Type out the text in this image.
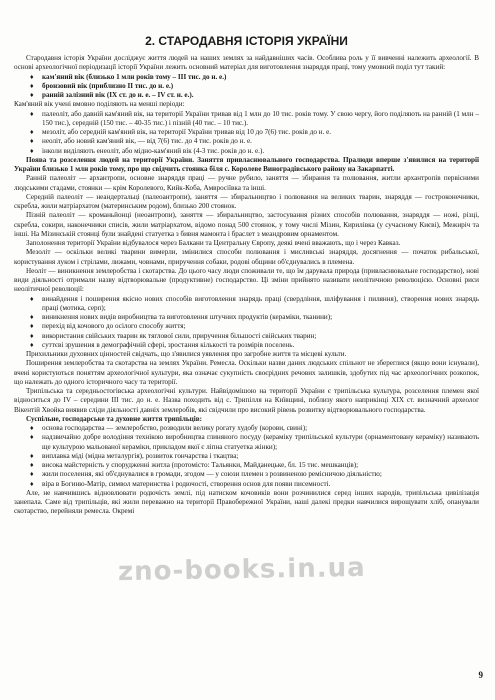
2. СТАРОДАВНЯ ІСТОРІЯ УКРАЇНИ

Стародавня історія України досліджує життя людей на наших землях за найдавніших часів. Особлива роль у її вивченні належить археології. В основі археологічної періодизації історії України лежить основний матеріал для виготовлення знаряддя праці, тому умовний поділ тут такий:

♦ кам'яний вік (близько 1 млн років тому – III тис. до н. е.)
♦ бронзовий вік (приблизно II тис. до н. е.)
♦ ранній залізний вік (IX ст. до н. е. – IV ст. н. е.).

Кам'яний вік учені вмовно поділяють на менші періоди:

♦ палеоліт, або давній кам'яний вік, на території України тривав від 1 млн до 10 тис. років тому. У свою чергу, його поділяють на ранній (1 млн – 150 тис.), середній (150 тис. – 40-35 тис.) і пізній (40 тис. – 10 тис.).
♦ мезоліт, або середній кам'яний вік, на території України тривав від 10 до 7(6) тис. років до н. е.
♦ неоліт, або новий кам'яний вік, — від 7(6) тис. до 4 тис. років до н. е.
♦ інколи виділяють енеоліт, або мідно-кам'яний вік (4-3 тис. років до н. е.).

Поява та розселення людей на території України. Заняття привласнювального господарства. Пралюди вперше з'явилися на території України близько 1 млн років тому, про що свідчить стоянка біля с. Королеве Виноградівського району на Закарпатті.

Ранній палеоліт — архантропи, основне знаряддя праці — ручне рубило, заняття — збирання та полювання, житли архантропів первісними людськими стадами, стоянки — крім Королевого, Кийк-Коба, Амвросіївка та інші.

Середній палеоліт — неандертальці (палеоантропи), заняття — збиральництво і полювання на великих тварин, знаряддя — гостроконечники, скребла, жили матріархатом (материнським родом), близько 200 стоянок.

Пізній палеоліт — кроманьйонці (неоантропи), заняття — збиральництво, застосування різних способів полювання, знаряддя — ножі, різці, скребла, сокири, наконечники списів, жили матріархатом, відомо понад 500 стоянок, у тому числі Мізин, Кирилівка (у сучасному Києві), Межиріч та інші. На Мізинській стоянці були знайдені статуетка з бивня мамонта і браслет з меандровим орнаментом.

Заполонення території України відбувалося через Балкани та Центральну Європу, деякі вчені вважають, що і через Кавказ.

Мезоліт — оскільки великі тварини вимерли, змінилися способи полювання і мисливські знаряддя, досягнення — початок рибальської, користування луком і стрілами, лижами, човнами, приручення собаки, родові общини об'єднувались в племена.

Неоліт — виникнення землеробства і скотарства. До цього часу люди споживали те, що їм дарувала природа (привласнювальне господарство), нові види діяльності отримали назву відтворювальне (продуктивне) господарство. Ці зміни прийнято називати неолітичною революцією. Основні риси неолітичної революції:

♦ винайдення і поширення якісно нових способів виготовлення знарядь праці (свердління, шліфування і пиляння), створення нових знарядь праці (мотика, серп);
♦ виникнення нових видів виробництва та виготовлення штучних продуктів (кераміки, тканини);
♦ перехід від кочового до осілого способу життя;
♦ використання свійських тварин як тяглової сили, приручення більшості свійських тварин;
♦ суттєві зрушення в демографічній сфері, зростання кількості та розмірів поселень.

Прихильники духовних цінностей свідчать, що з'явилися уявлення про загробне життя та місцеві культи.

Поширення землеробства та скотарства на землях України. Ремесла. Оскільки назви даних людських спільнот не збереглися (якщо вони існували), вчені користуються поняттям археологічної культури, яка означає сукупність своєрідних речових залишків, здобутих під час археологічних розкопок, що належать до одного історичного часу та території.

Трипільська та середньостогівська археологічні культури. Найвідомішою на території України є трипільська культура, розселення племен якої відноситься до IV – середини III тис. до н. е. Назва походить від с. Трипілля на Київщині, поблизу якого наприкінці XIX ст. визначний археолог Вікентій Хвойка виявив сліди діяльності давніх землеробів, які свідчили про високий рівень розвитку відтворювального господарства.

Суспільне, господарське та духовне життя трипільців:

♦ основа господарства — землеробство, розводили велику рогату худобу (корови, свині);
♦ надзвичайно добре володіння технікою виробництва глиняного посуду (кераміку трипільської культури (орнаментовану кераміку) називають ще культурою мальованої кераміки, прикладом якої є ліпна статуетка жінки);
♦ виплавка міді (мідна металургія), розвиток гончарства і ткацтва;
♦ висока майстерність у спорудженні житла (протомісто: Тальянки, Майданецьке, бл. 15 тис. мешканців);
♦ жили поселення, які об'єднувалися в громади, згодом — у союзи племен з розвиненою ремісничою діяльністю;
♦ віра в Богиню-Матір, символ материнства і родючості, створення основ для появи писемності.

Але, не навчившись відновлювати родючість землі, під натиском кочовиків вони розчинилися серед інших народів, трипільська цивілізація занепала. Саме від трипільців, які жили переважно на території Правобережної України, наші далекі предки навчилися вирощувати хліб, опанували скотарство, перейняли ремесла. Окремі

zno-books.in.ua
9
